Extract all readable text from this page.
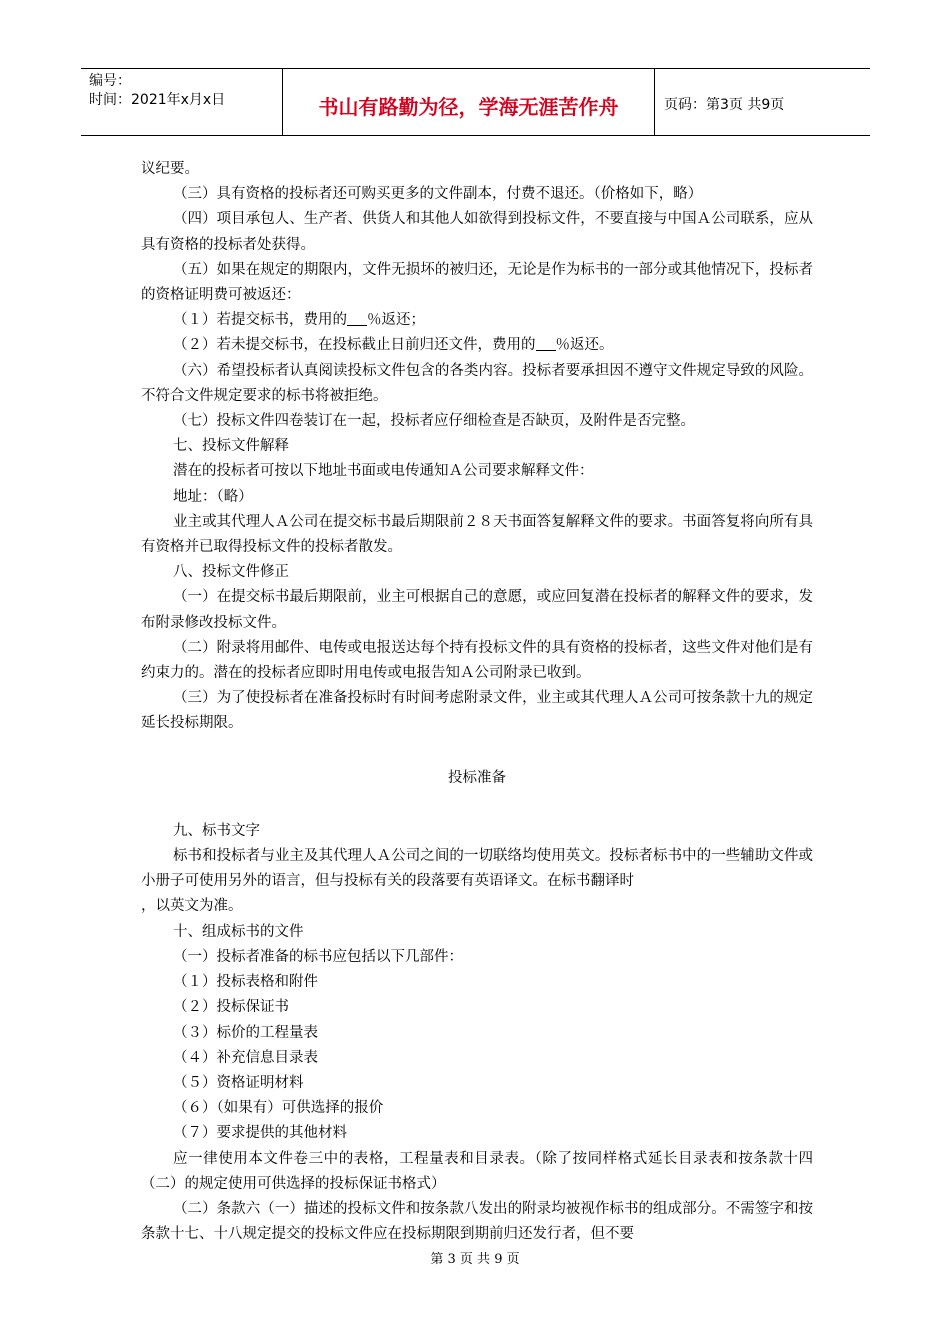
编号：
时间：2021年x月x日	书山有路勤为径，学海无涯苦作舟	页码：第3页 共9页

议纪要。

（三）具有资格的投标者还可购买更多的文件副本，付费不退还。（价格如下，略）

（四）项目承包人、生产者、供货人和其他人如欲得到投标文件，不要直接与中国Ａ公司联系，应从具有资格的投标者处获得。

（五）如果在规定的期限内，文件无损坏的被归还，无论是作为标书的一部分或其他情况下，投标者的资格证明费可被返还：

（１）若提交标书，费用的 ％返还；

（２）若未提交标书，在投标截止日前归还文件，费用的 ％返还。

（六）希望投标者认真阅读投标文件包含的各类内容。投标者要承担因不遵守文件规定导致的风险。不符合文件规定要求的标书将被拒绝。

（七）投标文件四卷装订在一起，投标者应仔细检查是否缺页，及附件是否完整。

七、投标文件解释

潜在的投标者可按以下地址书面或电传通知Ａ公司要求解释文件：

地址：（略）

业主或其代理人Ａ公司在提交标书最后期限前２８天书面答复解释文件的要求。书面答复将向所有具有资格并已取得投标文件的投标者散发。

八、投标文件修正

（一）在提交标书最后期限前，业主可根据自己的意愿，或应回复潜在投标者的解释文件的要求，发布附录修改投标文件。

（二）附录将用邮件、电传或电报送达每个持有投标文件的具有资格的投标者，这些文件对他们是有约束力的。潜在的投标者应即时用电传或电报告知Ａ公司附录已收到。

（三）为了使投标者在准备投标时有时间考虑附录文件，业主或其代理人Ａ公司可按条款十九的规定延长投标期限。

投标准备

九、标书文字

标书和投标者与业主及其代理人Ａ公司之间的一切联络均使用英文。投标者标书中的一些辅助文件或小册子可使用另外的语言，但与投标有关的段落要有英语译文。在标书翻译时

，以英文为准。

十、组成标书的文件

（一）投标者准备的标书应包括以下几部件：

（１）投标表格和附件

（２）投标保证书

（３）标价的工程量表

（４）补充信息目录表

（５）资格证明材料

（６）（如果有）可供选择的报价

（７）要求提供的其他材料

应一律使用本文件卷三中的表格，工程量表和目录表。（除了按同样格式延长目录表和按条款十四（二）的规定使用可供选择的投标保证书格式）

（二）条款六（一）描述的投标文件和按条款八发出的附录均被视作标书的组成部分。不需签字和按条款十七、十八规定提交的投标文件应在投标期限到期前归还发行者，但不要

第 3 页 共 9 页
